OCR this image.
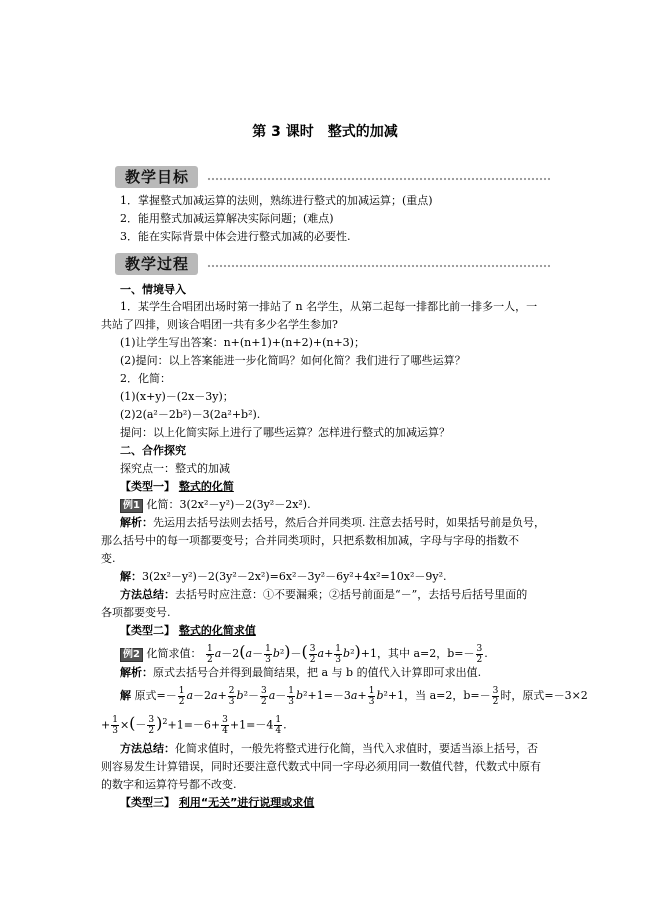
第 3 课时　整式的加减
教学目标
1．掌握整式加减运算的法则，熟练进行整式的加减运算；(重点)
2．能用整式加减运算解决实际问题；(难点)
3．能在实际背景中体会进行整式加减的必要性.
教学过程
一、情境导入
1．某学生合唱团出场时第一排站了 n 名学生，从第二起每一排都比前一排多一人，一
共站了四排，则该合唱团一共有多少名学生参加?
(1)让学生写出答案：n+(n+1)+(n+2)+(n+3)；
(2)提问：以上答案能进一步化简吗？如何化简？我们进行了哪些运算？
2．化简：
(1)(x+y)－(2x－3y)；
(2)2(a²－2b²)－3(2a²+b²).
提问：以上化简实际上进行了哪些运算？怎样进行整式的加减运算？
二、合作探究
探究点一：整式的加减
【类型一】 整式的化简
例1 化简：3(2x²－y²)－2(3y²－2x²).
解析：先运用去括号法则去括号，然后合并同类项. 注意去括号时，如果括号前是负号，
那么括号中的每一项都要变号；合并同类项时，只把系数相加减，字母与字母的指数不
变.
解：3(2x²－y²)－2(3y²－2x²)=6x²－3y²－6y²+4x²=10x²－9y².
方法总结：去括号时应注意：①不要漏乘；②括号前面是“－”，去括号后括号里面的
各项都要变号.
【类型二】 整式的化简求值
例2 化简求值： $\frac{1}{2} a-2(a- \frac{1}{3} b^2)-( \frac{3}{2} a+ \frac{1}{3} b^2)+1$，其中 a=2，$b=- \frac{3}{2}$ .
解析：原式去括号合并得到最简结果，把 a 与 b 的值代入计算即可求出值.
解 原式=－ $\frac{1}{2} a-2a+ \frac{2}{3} b^2- \frac{3}{2} a- \frac{1}{3} b^2+1=-3a+ \frac{1}{3} b^2+1$，当 a=2，$b=- \frac{3}{2}$ 时，原式=－3×2
+ $\frac{1}{3}$ ×(－ $\frac{3}{2} )^2+1=-6+ \frac{3}{4} +1=-4 \frac{1}{4}$ .
方法总结：化简求值时，一般先将整式进行化简，当代入求值时，要适当添上括号，否
则容易发生计算错误，同时还要注意代数式中同一字母必须用同一数值代替，代数式中原有
的数字和运算符号都不改变.
【类型三】 利用“无关”进行说理或求值
